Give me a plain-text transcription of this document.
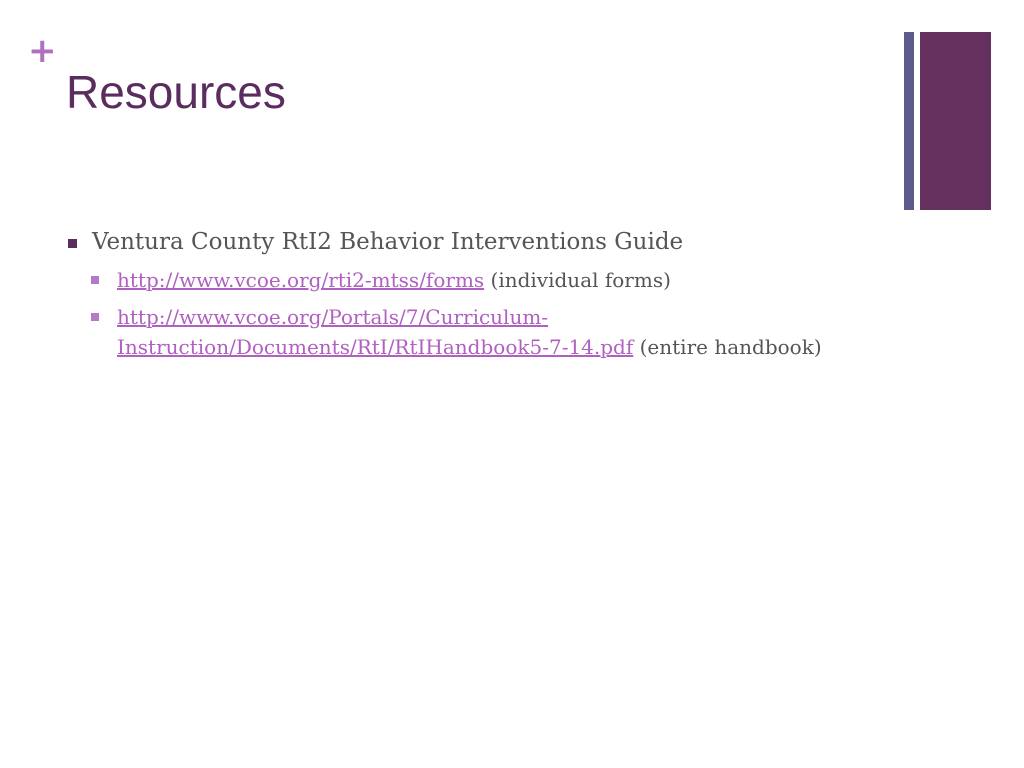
+
Resources
Ventura County RtI2 Behavior Interventions Guide
http://www.vcoe.org/rti2-mtss/forms (individual forms)
http://www.vcoe.org/Portals/7/Curriculum-Instruction/Documents/RtI/RtIHandbook5-7-14.pdf (entire handbook)
